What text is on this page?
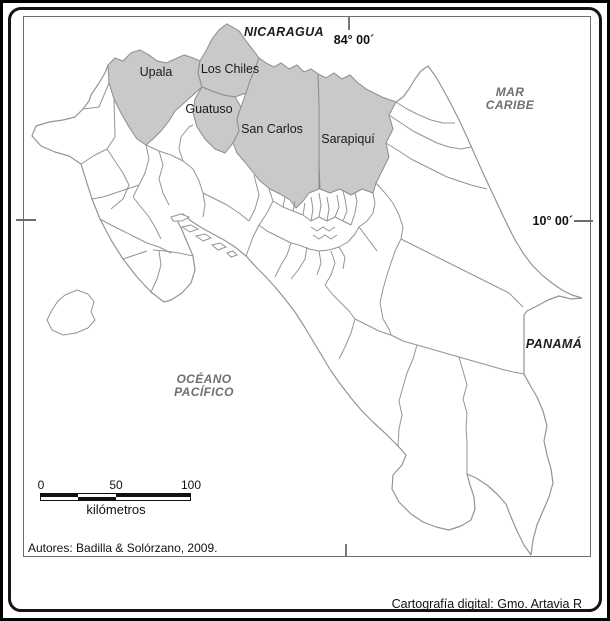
NICARAGUA
84° 00´
MAR
CARIBE
10° 00´
PANAMÁ
OCÉANO
PACÍFICO
Upala	Los Chiles
Guatuso
San Carlos
Sarapiquí
0	50	100
kilómetros
Autores: Badilla & Solórzano, 2009.
Cartografía digital: Gmo. Artavia R
